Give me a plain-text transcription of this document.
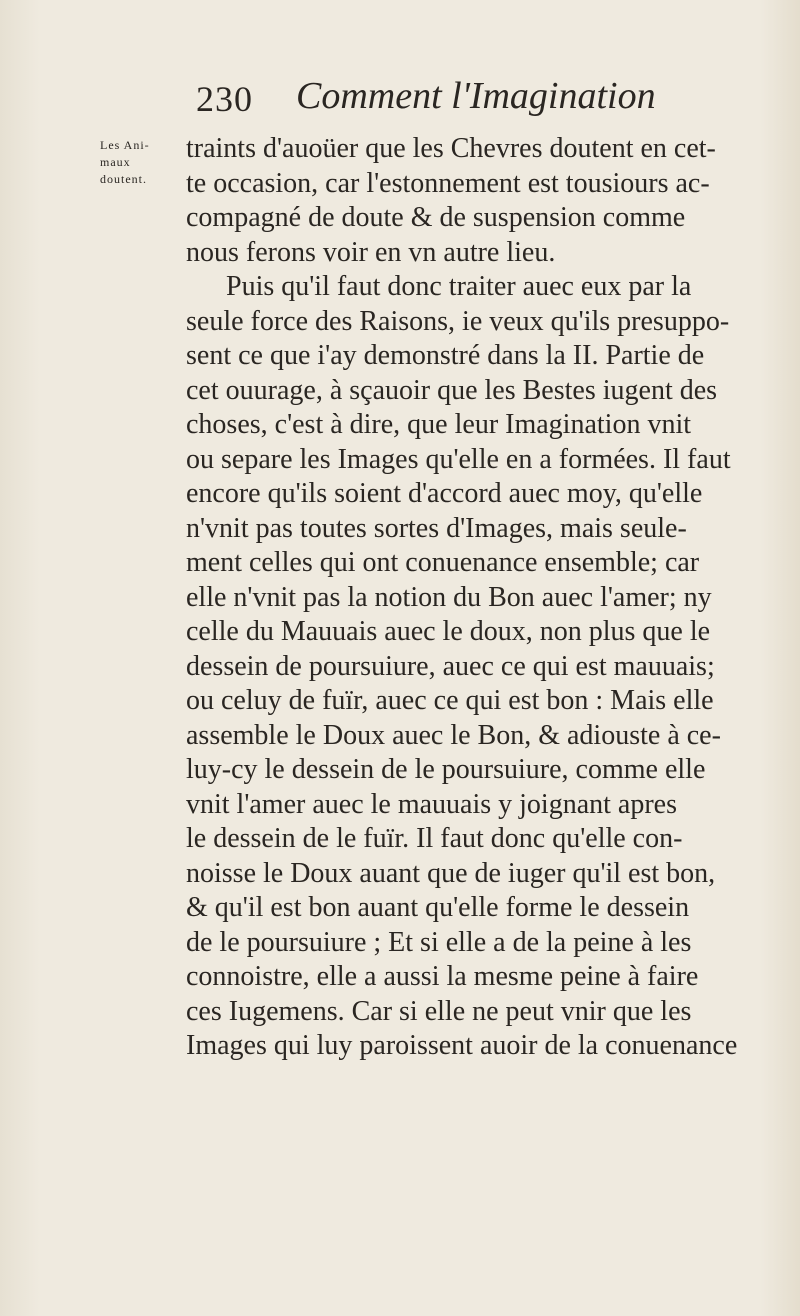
230 Comment l'Imagination
Les Ani-
maux
doutent.
traints d'auoüer que les Chevres doutent en cet-
te occasion, car l'estonnement est tousiours ac-
compagné de doute & de suspension comme
nous ferons voir en vn autre lieu.
Puis qu'il faut donc traiter auec eux par la
seule force des Raisons, ie veux qu'ils presuppo-
sent ce que i'ay demonstré dans la II. Partie de
cet ouurage, à sçauoir que les Bestes iugent des
choses, c'est à dire, que leur Imagination vnit
ou separe les Images qu'elle en a formées. Il faut
encore qu'ils soient d'accord auec moy, qu'elle
n'vnit pas toutes sortes d'Images, mais seule-
ment celles qui ont conuenance ensemble; car
elle n'vnit pas la notion du Bon auec l'amer; ny
celle du Mauuais auec le doux, non plus que le
dessein de poursuiure, auec ce qui est mauuais;
ou celuy de fuïr, auec ce qui est bon : Mais elle
assemble le Doux auec le Bon, & adiouste à ce-
luy-cy le dessein de le poursuiure, comme elle
vnit l'amer auec le mauuais y joignant apres
le dessein de le fuïr. Il faut donc qu'elle con-
noisse le Doux auant que de iuger qu'il est bon,
& qu'il est bon auant qu'elle forme le dessein
de le poursuiure ; Et si elle a de la peine à les
connoistre, elle a aussi la mesme peine à faire
ces Iugemens. Car si elle ne peut vnir que les
Images qui luy paroissent auoir de la conuenance
